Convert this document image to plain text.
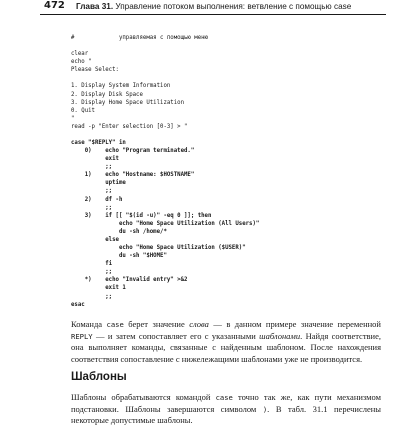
472 Глава 31. Управление потоком выполнения: ветвление с помощью case
#             управляемая с помощью меню
clear
echo "
Please Select:
1. Display System Information
2. Display Disk Space
3. Display Home Space Utilization
0. Quit
"
read -p "Enter selection [0-3] > "
case "$REPLY" in
0)    echo "Program terminated."
exit
;;
1)    echo "Hostname: $HOSTNAME"
uptime
;;
2)    df -h
;;
3)    if [[ "$(id -u)" -eq 0 ]]; then
echo "Home Space Utilization (All Users)"
du -sh /home/*
else
echo "Home Space Utilization ($USER)"
du -sh "$HOME"
fi
;;
*)    echo "Invalid entry" >&2
exit 1
;;
esac

Команда case берет значение слова — в данном примере значение переменной REPLY — и затем сопоставляет его с указанными шаблонами. Найдя соответствие, она выполняет команды, связанные с найденным шаблоном. После нахождения соответствия сопоставление с нижележащими шаблонами уже не производится.

Шаблоны

Шаблоны обрабатываются командой case точно так же, как пути механизмом подстановки. Шаблоны завершаются символом ). В табл. 31.1 перечислены некоторые допустимые шаблоны.
